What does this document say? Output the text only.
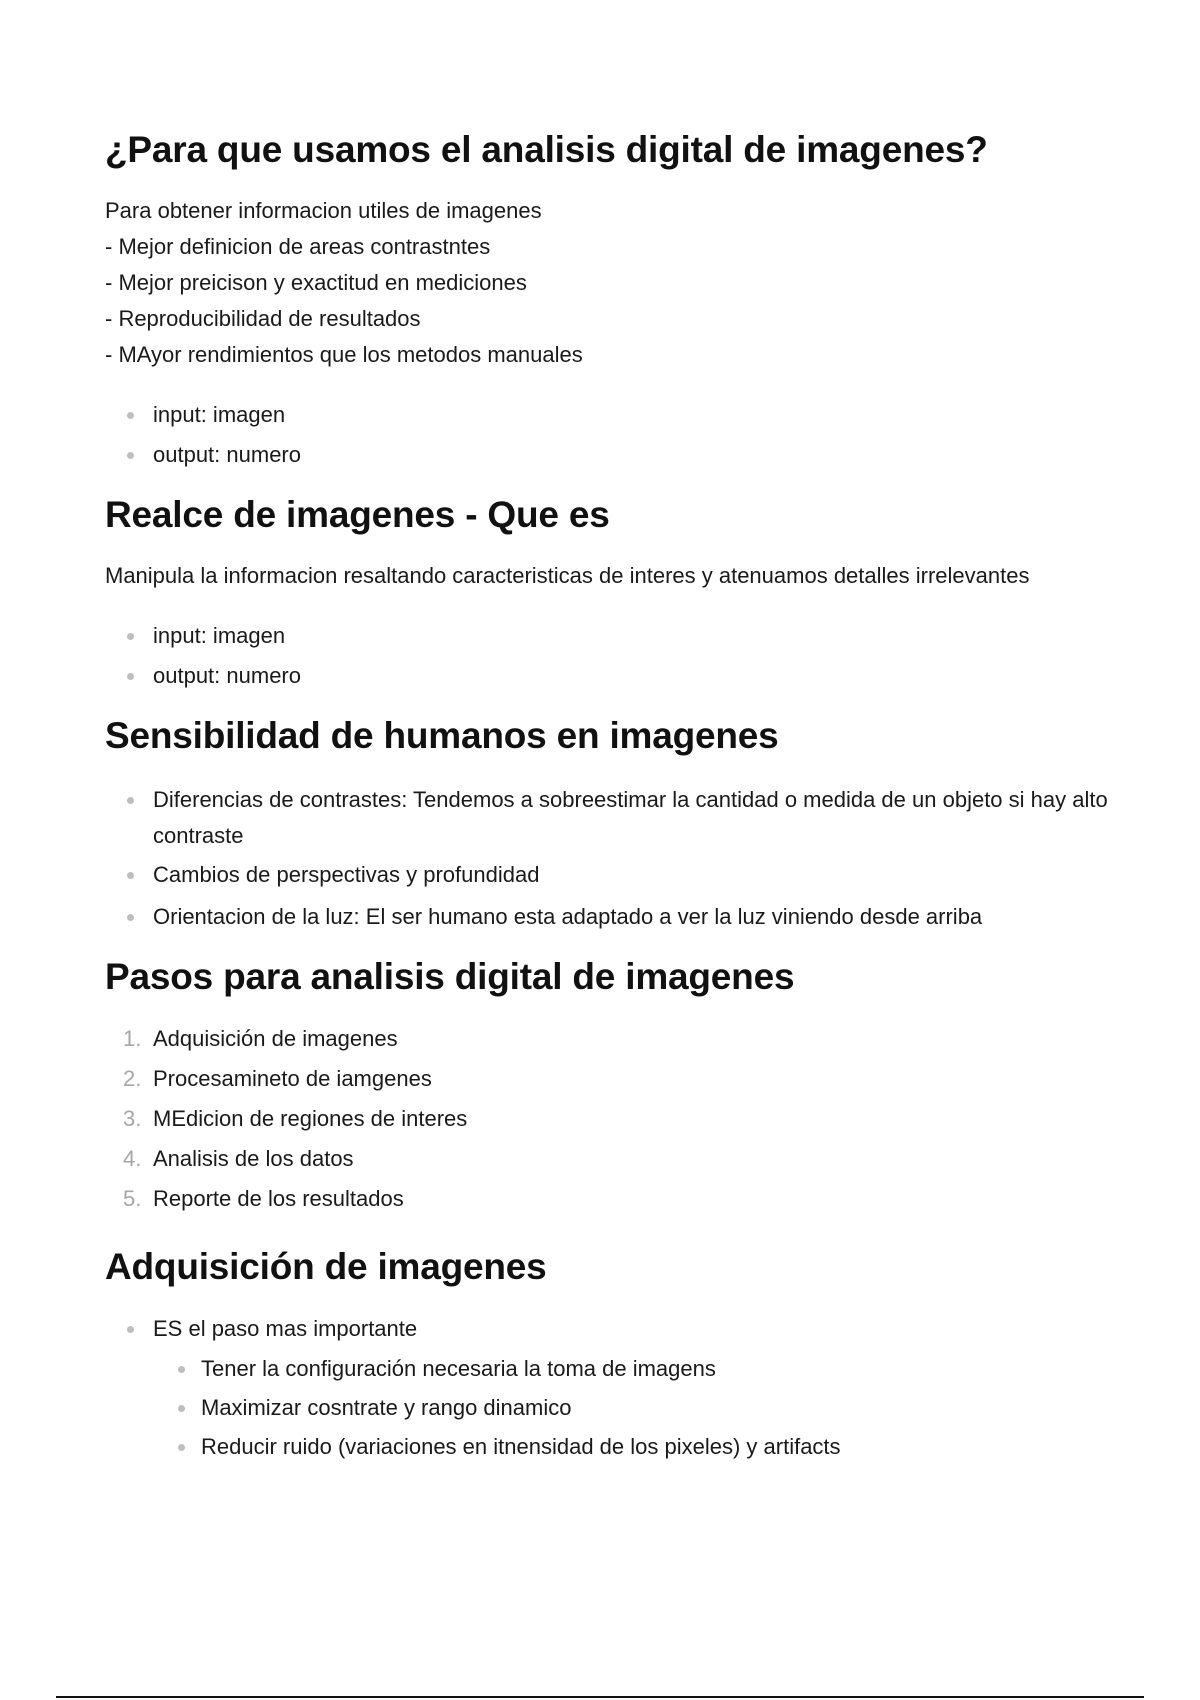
¿Para que usamos el analisis digital de imagenes?

Para obtener informacion utiles de imagenes

- Mejor definicion de areas contrastntes

- Mejor preicison y exactitud en mediciones

- Reproducibilidad de resultados

- MAyor rendimientos que los metodos manuales

input: imagen
output: numero
Realce de imagenes - Que es

Manipula la informacion resaltando caracteristicas de interes y atenuamos detalles irrelevantes

input: imagen
output: numero
Sensibilidad de humanos en imagenes
Diferencias de contrastes: Tendemos a sobreestimar la cantidad o medida de un objeto si hay alto contraste
Cambios de perspectivas y profundidad
Orientacion de la luz: El ser humano esta adaptado a ver la luz viniendo desde arriba
Pasos para analisis digital de imagenes
1. Adquisición de imagenes
2. Procesamineto de iamgenes
3. MEdicion de regiones de interes
4. Analisis de los datos
5. Reporte de los resultados
Adquisición de imagenes
ES el paso mas importante
Tener la configuración necesaria la toma de imagens
Maximizar cosntrate y rango dinamico
Reducir ruido (variaciones en itnensidad de los pixeles) y artifacts
